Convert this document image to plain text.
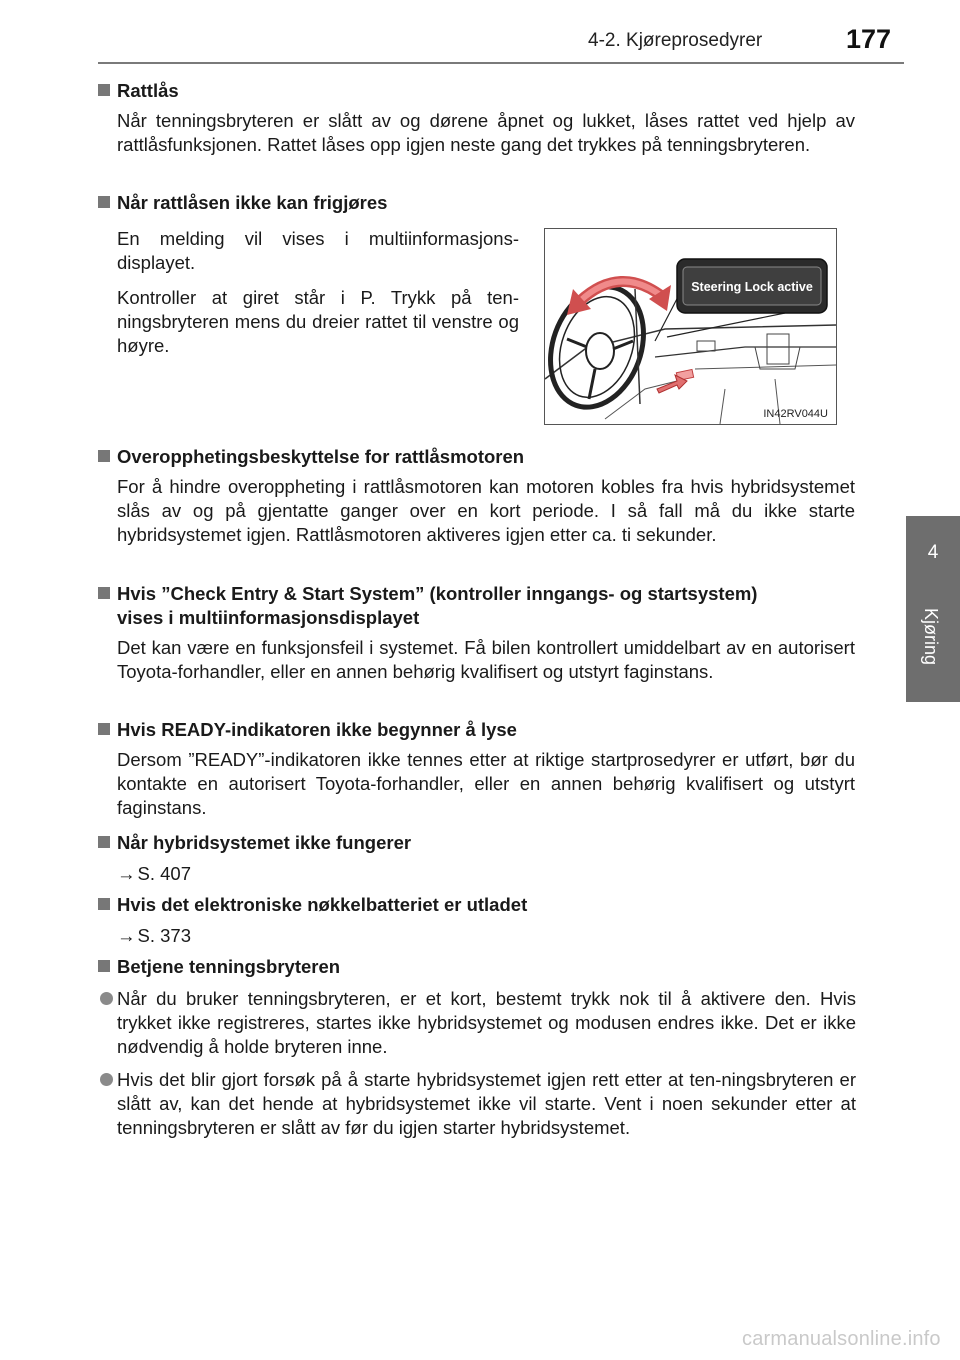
4-2. Kjøreprosedyrer	177
4
Kjøring
Rattlås
Når tenningsbryteren er slått av og dørene åpnet og lukket, låses rattet ved hjelp av rattlåsfunksjonen. Rattet låses opp igjen neste gang det trykkes på tenningsbryteren.
Når rattlåsen ikke kan frigjøres
En melding vil vises i multiinformasjons-displayet.
Kontroller at giret står i P. Trykk på ten-ningsbryteren mens du dreier rattet til venstre og høyre.
Steering Lock active
IN42RV044U
Overopphetingsbeskyttelse for rattlåsmotoren
For å hindre overoppheting i rattlåsmotoren kan motoren kobles fra hvis hybridsystemet slås av og på gjentatte ganger over en kort periode. I så fall må du ikke starte hybridsystemet igjen. Rattlåsmotoren aktiveres igjen etter ca. ti sekunder.
Hvis ”Check Entry & Start System” (kontroller inngangs- og startsystem)
vises i multiinformasjonsdisplayet
Det kan være en funksjonsfeil i systemet. Få bilen kontrollert umiddelbart av en autorisert Toyota-forhandler, eller en annen behørig kvalifisert og utstyrt faginstans.
Hvis READY-indikatoren ikke begynner å lyse
Dersom ”READY”-indikatoren ikke tennes etter at riktige startprosedyrer er utført, bør du kontakte en autorisert Toyota-forhandler, eller en annen behørig kvalifisert og utstyrt faginstans.
Når hybridsystemet ikke fungerer
→ S. 407
Hvis det elektroniske nøkkelbatteriet er utladet
→ S. 373
Betjene tenningsbryteren
Når du bruker tenningsbryteren, er et kort, bestemt trykk nok til å aktivere den. Hvis trykket ikke registreres, startes ikke hybridsystemet og modusen endres ikke. Det er ikke nødvendig å holde bryteren inne.
Hvis det blir gjort forsøk på å starte hybridsystemet igjen rett etter at ten-ningsbryteren er slått av, kan det hende at hybridsystemet ikke vil starte. Vent i noen sekunder etter at tenningsbryteren er slått av før du igjen starter hybridsystemet.
carmanualsonline.info
